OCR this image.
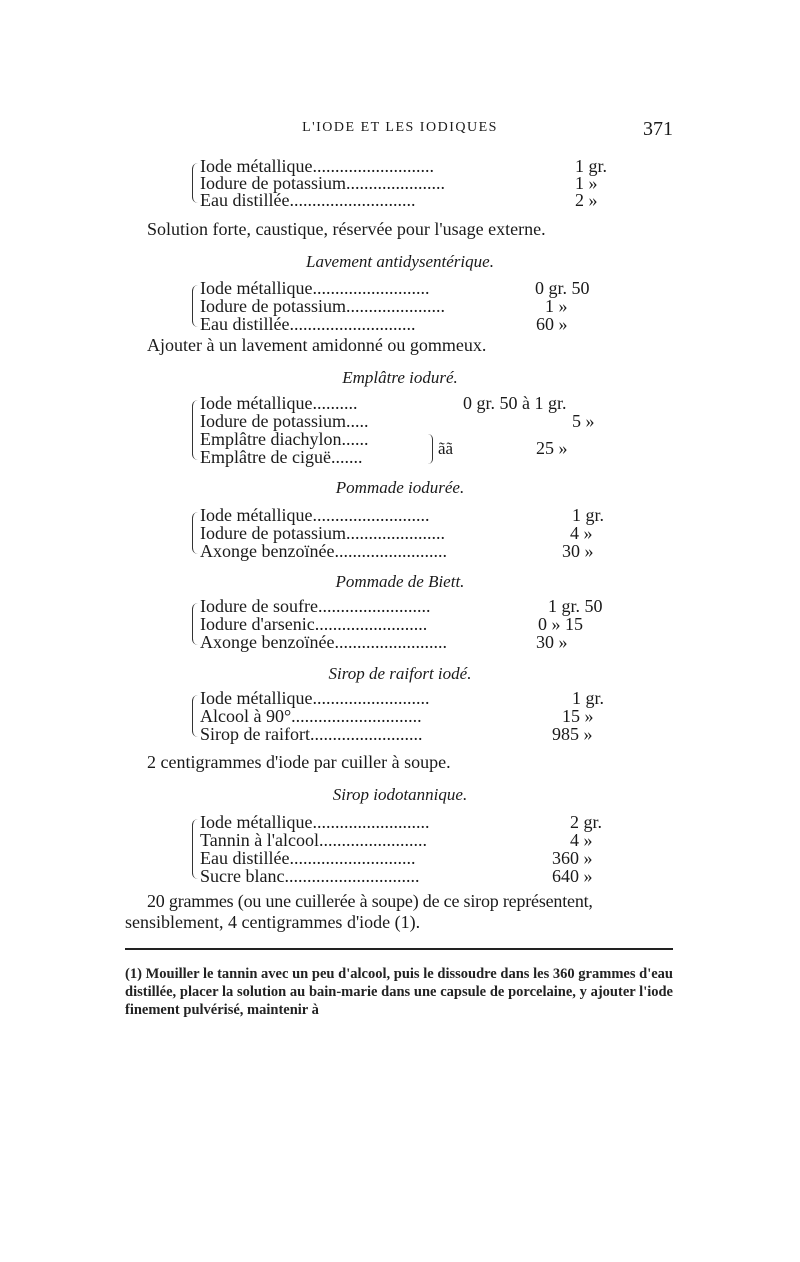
L'IODE ET LES IODIQUES	371
Iode métallique...........................	1 gr.
Iodure de potassium......................	1 »
Eau distillée............................	2 »
Solution forte, caustique, réservée pour l'usage externe.
Lavement antidysentérique.
Iode métallique..........................	0 gr. 50
Iodure de potassium......................	1 »
Eau distillée............................	60 »
Ajouter à un lavement amidonné ou gommeux.
Emplâtre ioduré.
Iode métallique..........	0 gr. 50 à 1 gr.
Iodure de potassium.....	5 »
Emplâtre diachylon......
Emplâtre de ciguë.......	25 »
ãã
Pommade iodurée.
Iode métallique..........................	1 gr.
Iodure de potassium......................	4 »
Axonge benzoïnée.........................	30 »
Pommade de Biett.
Iodure de soufre.........................	1 gr. 50
Iodure d'arsenic.........................	0 » 15
Axonge benzoïnée.........................	30 »
Sirop de raifort iodé.
Iode métallique..........................	1 gr.
Alcool à 90°.............................	15 »
Sirop de raifort.........................	985 »
2 centigrammes d'iode par cuiller à soupe.
Sirop iodotannique.
Iode métallique..........................	2 gr.
Tannin à l'alcool........................	4 »
Eau distillée............................	360 »
Sucre blanc..............................	640 »
20 grammes (ou une cuillerée à soupe) de ce sirop représentent,
sensiblement, 4 centigrammes d'iode (1).
(1) Mouiller le tannin avec un peu d'alcool, puis le dissoudre dans les 360 grammes d'eau distillée, placer la solution au bain-marie dans une capsule de porcelaine, y ajouter l'iode finement pulvérisé, maintenir à
